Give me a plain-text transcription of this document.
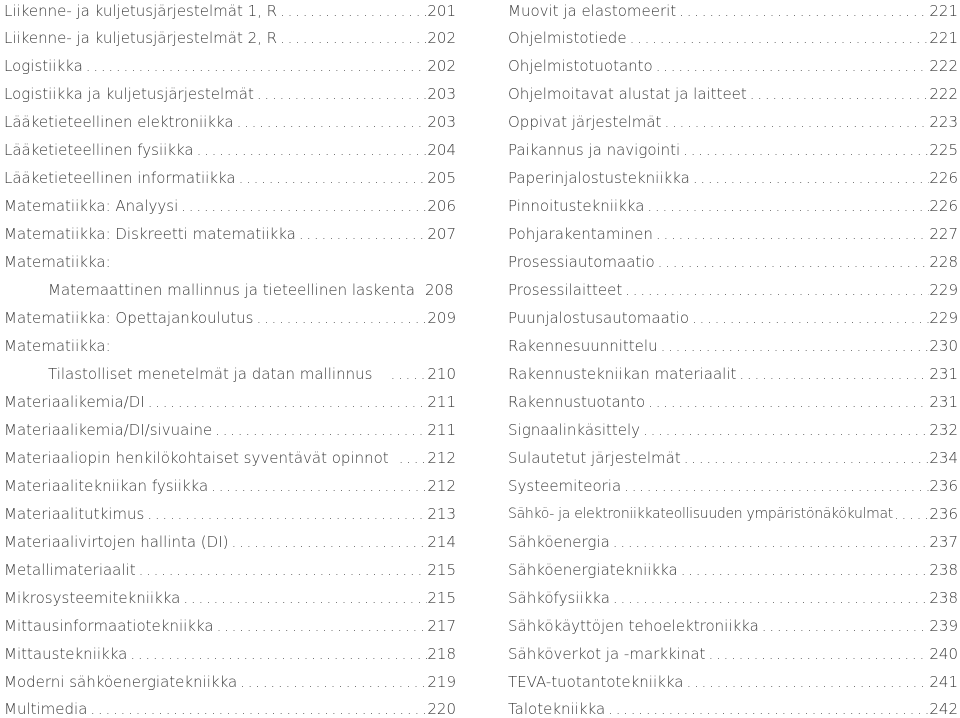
Liikenne- ja kuljetusjärjestelmät 1, R . . .	201
Liikenne- ja kuljetusjärjestelmät 2, R . . .	202
Logistiikka . . .	202
Logistiikka ja kuljetusjärjestelmät . . .	203
Lääketieteellinen elektroniikka . . .	203
Lääketieteellinen fysiikka . . .	204
Lääketieteellinen informatiikka . . .	205
Matematiikka: Analyysi . . .	206
Matematiikka: Diskreetti matematiikka . . .	207
Matematiikka:
Matemaattinen mallinnus ja tieteellinen laskenta 208
Matematiikka: Opettajankoulutus . . .	209
Matematiikka:
Tilastolliset menetelmät ja datan mallinnus . . .	210
Materiaalikemia/DI . . .	211
Materiaalikemia/DI/sivuaine . . .	211
Materiaaliopin henkilökohtaiset syventävät opinnot . . .	212
Materiaalitekniikan fysiikka . . .	212
Materiaalitutkimus . . .	213
Materiaalivirtojen hallinta (DI) . . .	214
Metallimateriaalit . . .	215
Mikrosysteemitekniikka . . .	215
Mittausinformaatiotekniikka . . .	217
Mittaustekniikka . . .	218
Moderni sähköenergiatekniikka . . .	219
Multimedia . . .	220
Muovit ja elastomeerit . . .	221
Ohjelmistotiede . . .	221
Ohjelmistotuotanto . . .	222
Ohjelmoitavat alustat ja laitteet . . .	222
Oppivat järjestelmät . . .	223
Paikannus ja navigointi . . .	225
Paperinjalostustekniikka . . .	226
Pinnoitustekniikka . . .	226
Pohjarakentaminen . . .	227
Prosessiautomaatio . . .	228
Prosessilaitteet . . .	229
Puunjalostusautomaatio . . .	229
Rakennesuunnittelu . . .	230
Rakennustekniikan materiaalit . . .	231
Rakennustuotanto . . .	231
Signaalinkäsittely . . .	232
Sulautetut järjestelmät . . .	234
Systeemiteoria . . .	236
Sähkö- ja elektroniikkateollisuuden ympäristönäkökulmat . . . 236
Sähköenergia . . .	237
Sähköenergiatekniikka . . .	238
Sähköfysiikka . . .	238
Sähkökäyttöjen tehoelektroniikka . . .	239
Sähköverkot ja -markkinat . . .	240
TEVA-tuotantotekniikka . . .	241
Talotekniikka . . .	242
